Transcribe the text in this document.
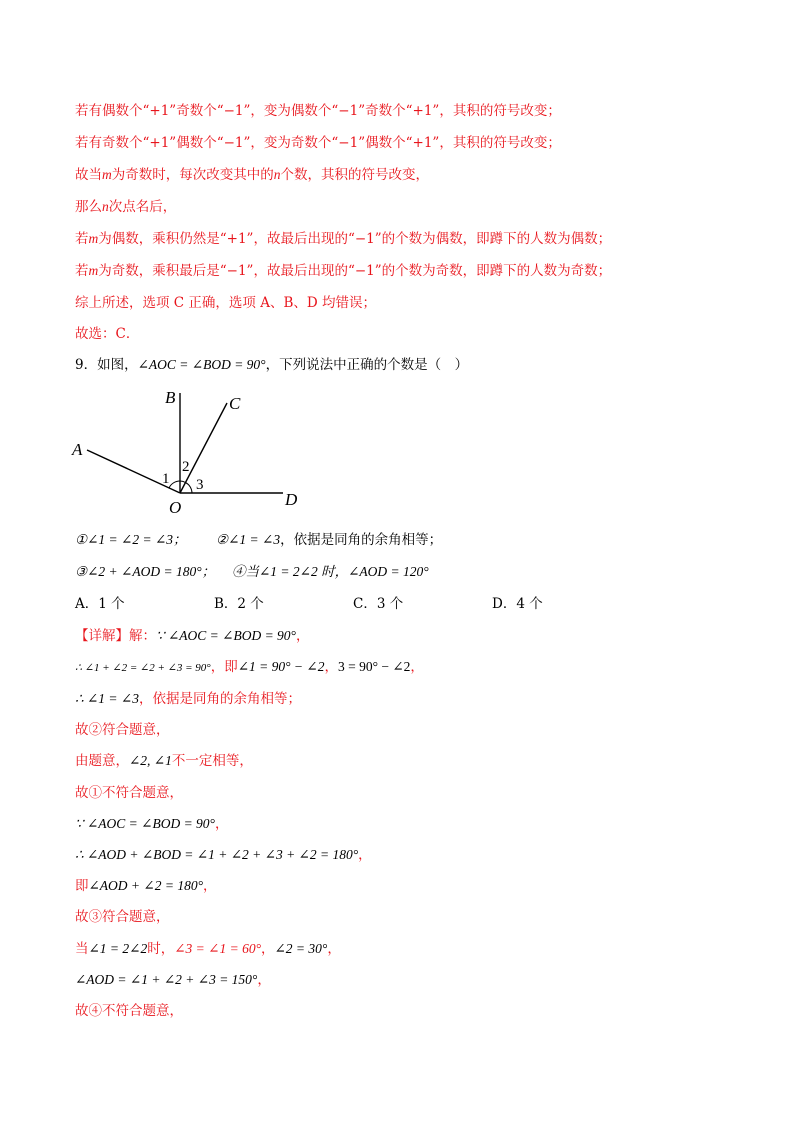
若有偶数个“+1”奇数个“−1”，变为偶数个“−1”奇数个“+1”，其积的符号改变；
若有奇数个“+1”偶数个“−1”，变为奇数个“−1”偶数个“+1”，其积的符号改变；
故当m为奇数时，每次改变其中的n个数，其积的符号改变，
那么n次点名后，
若m为偶数，乘积仍然是“+1”，故最后出现的“−1”的个数为偶数，即蹲下的人数为偶数；
若m为奇数，乘积最后是“−1”，故最后出现的“−1”的个数为奇数，即蹲下的人数为奇数；
综上所述，选项 C 正确，选项 A、B、D 均错误；
故选：C．
9．如图，∠AOC = ∠BOD = 90°，下列说法中正确的个数是（　）
B	C
A
D
O
1
2
3
①∠1 = ∠2 = ∠3； ②∠1 = ∠3，依据是同角的余角相等；
③∠2 + ∠AOD = 180°； ④当∠1 = 2∠2 时，∠AOD = 120°
A．1 个	B．2 个	C．3 个	D．4 个
【详解】解：∵ ∠AOC = ∠BOD = 90°，
∴ ∠1 + ∠2 = ∠2 + ∠3 = 90°，即∠1 = 90° − ∠2，3 = 90° − ∠2，
∴ ∠1 = ∠3，依据是同角的余角相等；
故②符合题意，
由题意，∠2, ∠1不一定相等，
故①不符合题意，
∵ ∠AOC = ∠BOD = 90°，
∴ ∠AOD + ∠BOD = ∠1 + ∠2 + ∠3 + ∠2 = 180°，
即∠AOD + ∠2 = 180°，
故③符合题意，
当∠1 = 2∠2时，∠3 = ∠1 = 60°，∠2 = 30°，
∠AOD = ∠1 + ∠2 + ∠3 = 150°，
故④不符合题意，
